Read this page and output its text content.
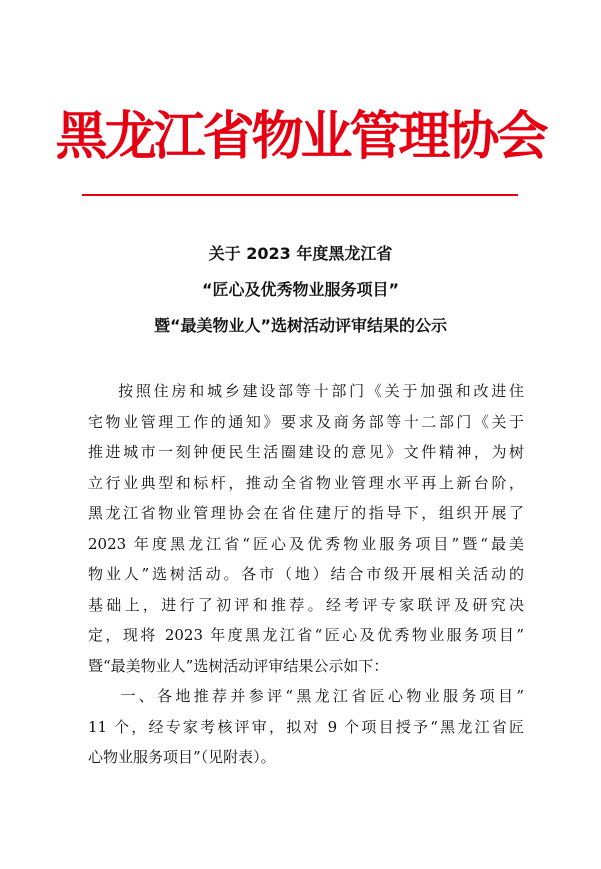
黑龙江省物业管理协会
关于 2023 年度黑龙江省
“匠心及优秀物业服务项目”
暨“最美物业人”选树活动评审结果的公示
按照住房和城乡建设部等十部门《关于加强和改进住
宅物业管理工作的通知》要求及商务部等十二部门《关于
推进城市一刻钟便民生活圈建设的意见》文件精神，为树
立行业典型和标杆，推动全省物业管理水平再上新台阶，
黑龙江省物业管理协会在省住建厅的指导下，组织开展了
2023 年度黑龙江省“匠心及优秀物业服务项目”暨“最美
物业人”选树活动。各市（地）结合市级开展相关活动的
基础上，进行了初评和推荐。经考评专家联评及研究决
定，现将 2023 年度黑龙江省“匠心及优秀物业服务项目”
暨“最美物业人”选树活动评审结果公示如下：
一、各地推荐并参评“黑龙江省匠心物业服务项目”
11 个，经专家考核评审，拟对 9 个项目授予“黑龙江省匠
心物业服务项目”（见附表）。
